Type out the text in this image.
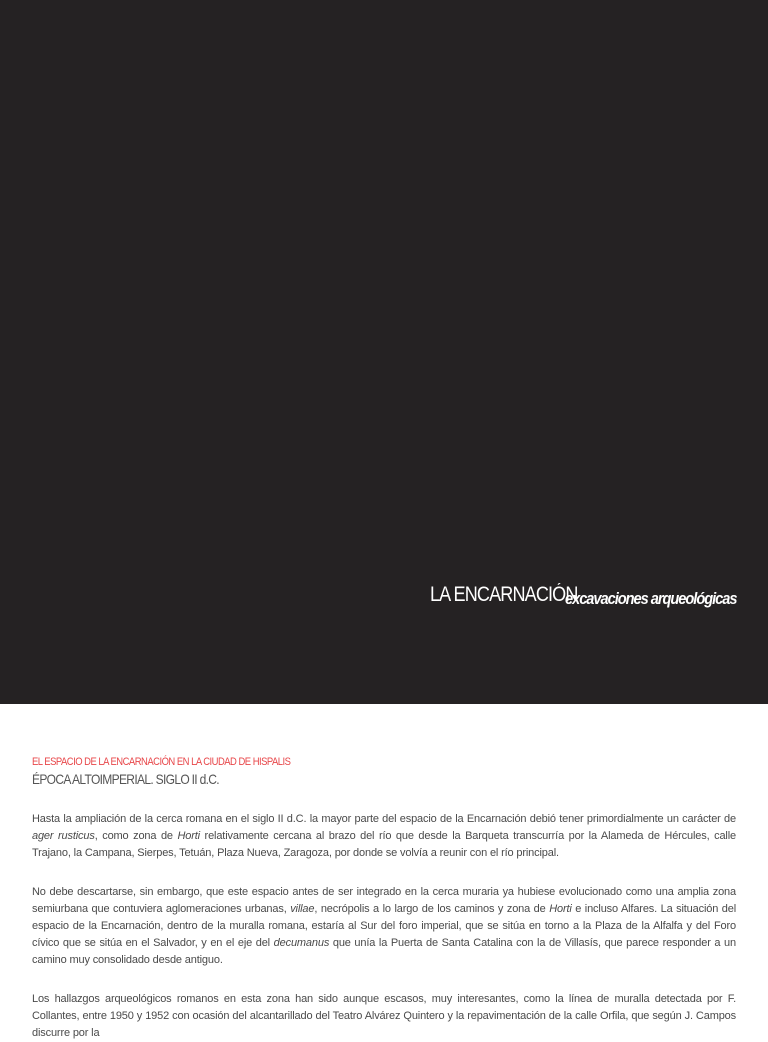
LA ENCARNACIÓN
excavaciones arqueológicas
EL ESPACIO DE LA ENCARNACIÓN EN LA CIUDAD DE HISPALIS
ÉPOCA ALTOIMPERIAL. SIGLO II d.C.

Hasta la ampliación de la cerca romana en el siglo II d.C. la mayor parte del espacio de la Encarnación debió tener primordialmente un carácter de ager rusticus, como zona de Horti relativamente cercana al brazo del río que desde la Barqueta transcurría por la Alameda de Hércules, calle Trajano, la Campana, Sierpes, Tetuán, Plaza Nueva, Zaragoza, por donde se volvía a reunir con el río principal.

No debe descartarse, sin embargo, que este espacio antes de ser integrado en la cerca muraria ya hubiese evolucionado como una amplia zona semiurbana que contuviera aglomeraciones urbanas, villae, necrópolis a lo largo de los caminos y zona de Horti e incluso Alfares. La situación del espacio de la Encarnación, dentro de la muralla romana, estaría al Sur del foro imperial, que se sitúa en torno a la Plaza de la Alfalfa y del Foro cívico que se sitúa en el Salvador, y en el eje del decumanus que unía la Puerta de Santa Catalina con la de Villasís, que parece responder a un camino muy consolidado desde antiguo.

Los hallazgos arqueológicos romanos en esta zona han sido aunque escasos, muy interesantes, como la línea de muralla detectada por F. Collantes, entre 1950 y 1952 con ocasión del alcantarillado del Teatro Alvárez Quintero y la repavimentación de la calle Orfila, que según J. Campos discurre por la
